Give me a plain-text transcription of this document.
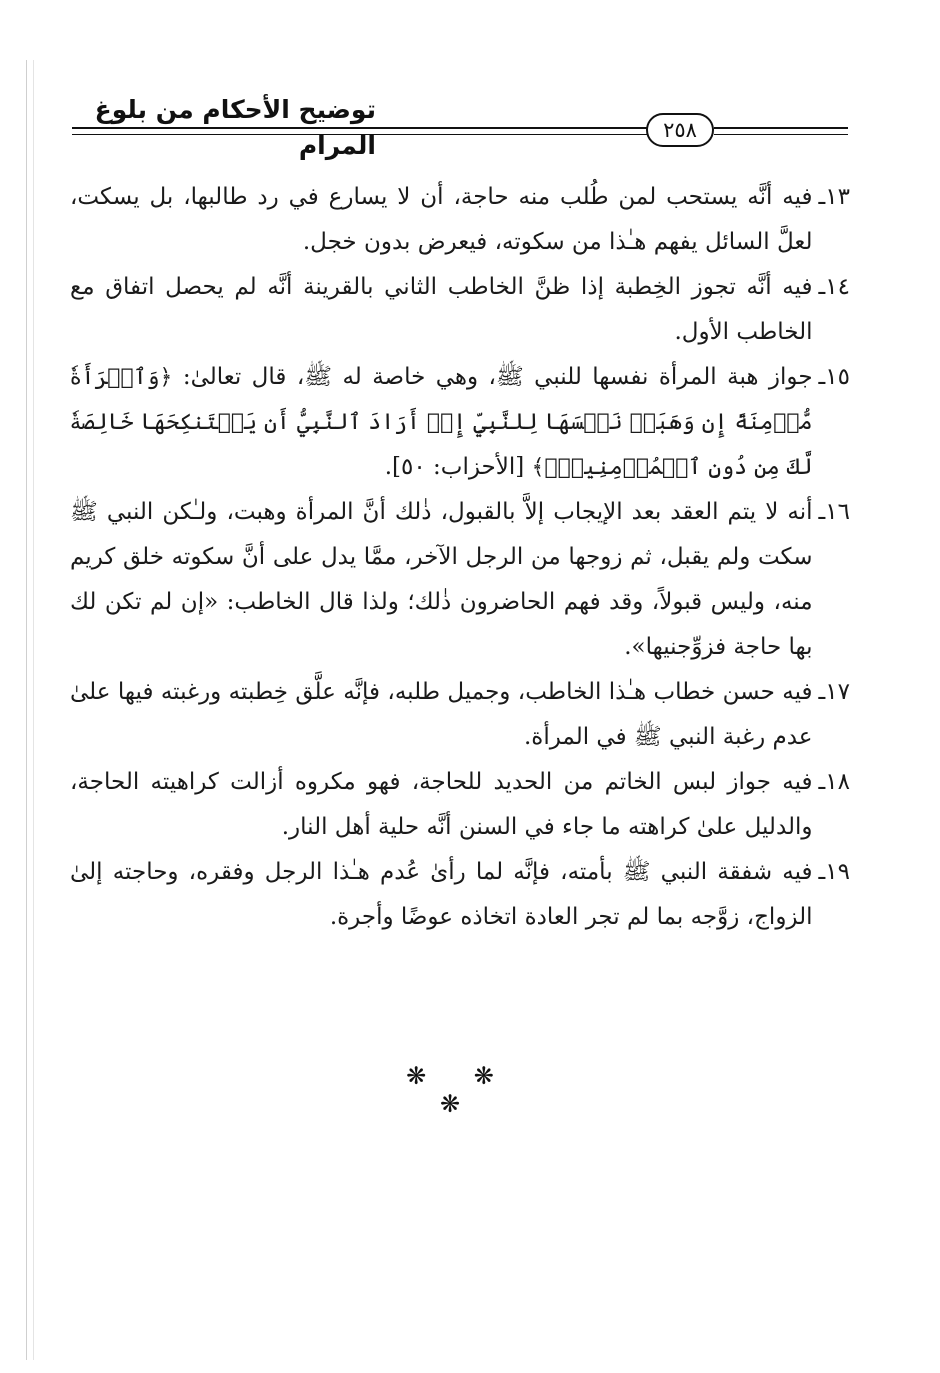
توضيح الأحكام من بلوغ المرام
٢٥٨
١٣ـ
فيه أنَّه يستحب لمن طُلب منه حاجة، أن لا يسارع في رد طالبها، بل يسكت، لعلَّ السائل يفهم هـٰذا من سكوته، فيعرض بدون خجل.
١٤ـ
فيه أنَّه تجوز الخِطبة إذا ظنَّ الخاطب الثاني بالقرينة أنَّه لم يحصل اتفاق مع الخاطب الأول.
١٥ـ
جواز هبة المرأة نفسها للنبي ﷺ، وهي خاصة له ﷺ، قال تعالىٰ: ﴿وَٱمۡرَأَةٗ مُّؤۡمِنَةً إِن وَهَبَتۡ نَفۡسَهَا لِلنَّبِيِّ إِنۡ أَرَادَ ٱلنَّبِيُّ أَن يَسۡتَنكِحَهَا خَالِصَةٗ لَّكَ مِن دُونِ ٱلۡمُؤۡمِنِينَۗ﴾ [الأحزاب: ٥٠].
١٦ـ
أنه لا يتم العقد بعد الإيجاب إلاَّ بالقبول، ذٰلك أنَّ المرأة وهبت، ولـٰكن النبي ﷺ سكت ولم يقبل، ثم زوجها من الرجل الآخر، ممَّا يدل على أنَّ سكوته خلق كريم منه، وليس قبولاً، وقد فهم الحاضرون ذٰلك؛ ولذا قال الخاطب: «إن لم تكن لك بها حاجة فزوِّجنيها».
١٧ـ
فيه حسن خطاب هـٰذا الخاطب، وجميل طلبه، فإنَّه علَّق خِطبته ورغبته فيها علىٰ عدم رغبة النبي ﷺ في المرأة.
١٨ـ
فيه جواز لبس الخاتم من الحديد للحاجة، فهو مكروه أزالت كراهيته الحاجة، والدليل علىٰ كراهته ما جاء في السنن أنَّه حلية أهل النار.
١٩ـ
فيه شفقة النبي ﷺ بأمته، فإنَّه لما رأىٰ عُدم هـٰذا الرجل وفقره، وحاجته إلىٰ الزواج، زوَّجه بما لم تجر العادة اتخاذه عوضًا وأجرة.
❋ ❋ ❋
